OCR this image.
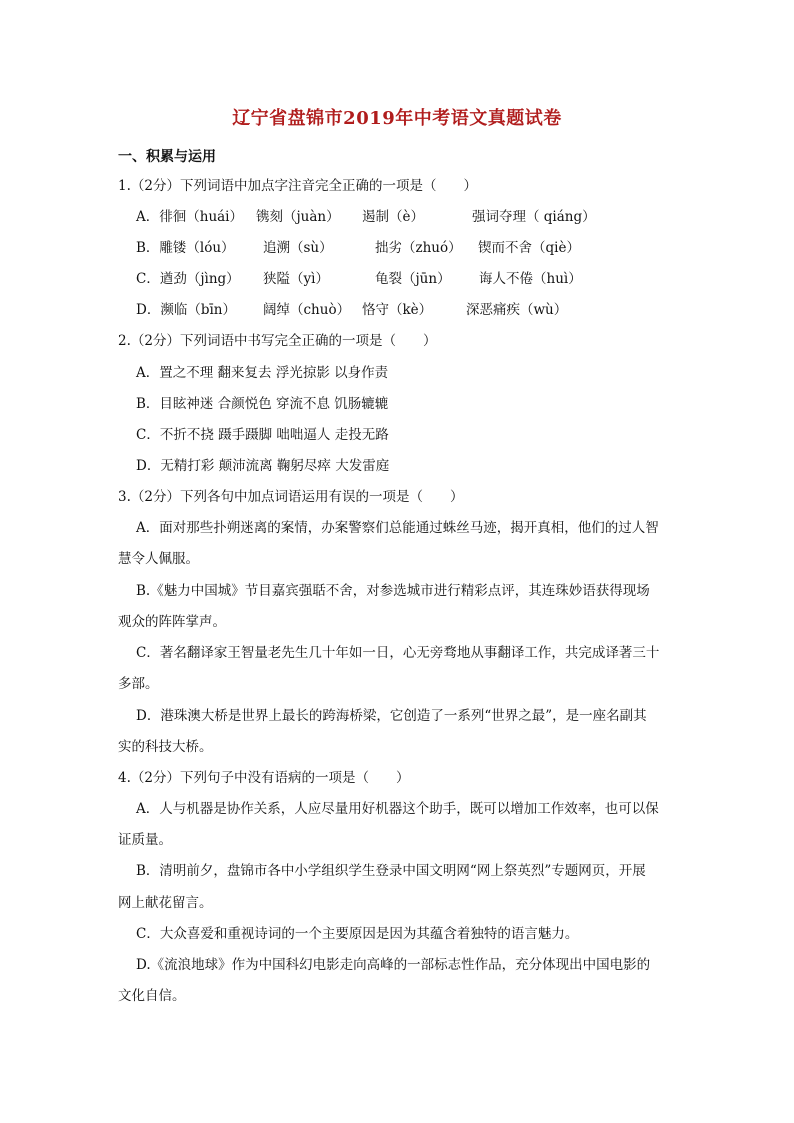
辽宁省盘锦市2019年中考语文真题试卷
一、积累与运用
1.（2分）下列词语中加点字注音完全正确的一项是（　　）
A．徘徊（huái） 镌刻（juàn） 遏制（è）	强词夺理（ qiáng）
B．雕镂（lóu） 追溯（sù）	拙劣（zhuó） 锲而不舍（qiè）
C．遒劲（jìng） 狭隘（yì）	龟裂（jūn） 诲人不倦（huì）
D．濒临（bīn） 阔绰（chuò） 恪守（kè）	深恶痛疾（wù）
2.（2分）下列词语中书写完全正确的一项是（　　）
A．置之不理 翻来复去 浮光掠影 以身作责
B．目眩神迷 合颜悦色 穿流不息 饥肠辘辘
C．不折不挠 蹑手蹑脚 咄咄逼人 走投无路
D．无精打彩 颠沛流离 鞠躬尽瘁 大发雷庭
3.（2分）下列各句中加点词语运用有误的一项是（　　）
A．面对那些扑朔迷离的案情，办案警察们总能通过蛛丝马迹，揭开真相，他们的过人智
慧令人佩服。
B.《魅力中国城》节目嘉宾强聒不舍，对参选城市进行精彩点评，其连珠妙语获得现场
观众的阵阵掌声。
C．著名翻译家王智量老先生几十年如一日，心无旁骛地从事翻译工作，共完成译著三十
多部。
D．港珠澳大桥是世界上最长的跨海桥梁，它创造了一系列“世界之最”，是一座名副其
实的科技大桥。
4.（2分）下列句子中没有语病的一项是（　　）
A．人与机器是协作关系，人应尽量用好机器这个助手，既可以增加工作效率，也可以保
证质量。
B．清明前夕，盘锦市各中小学组织学生登录中国文明网“网上祭英烈”专题网页，开展
网上献花留言。
C．大众喜爱和重视诗词的一个主要原因是因为其蕴含着独特的语言魅力。
D.《流浪地球》作为中国科幻电影走向高峰的一部标志性作品，充分体现出中国电影的
文化自信。
